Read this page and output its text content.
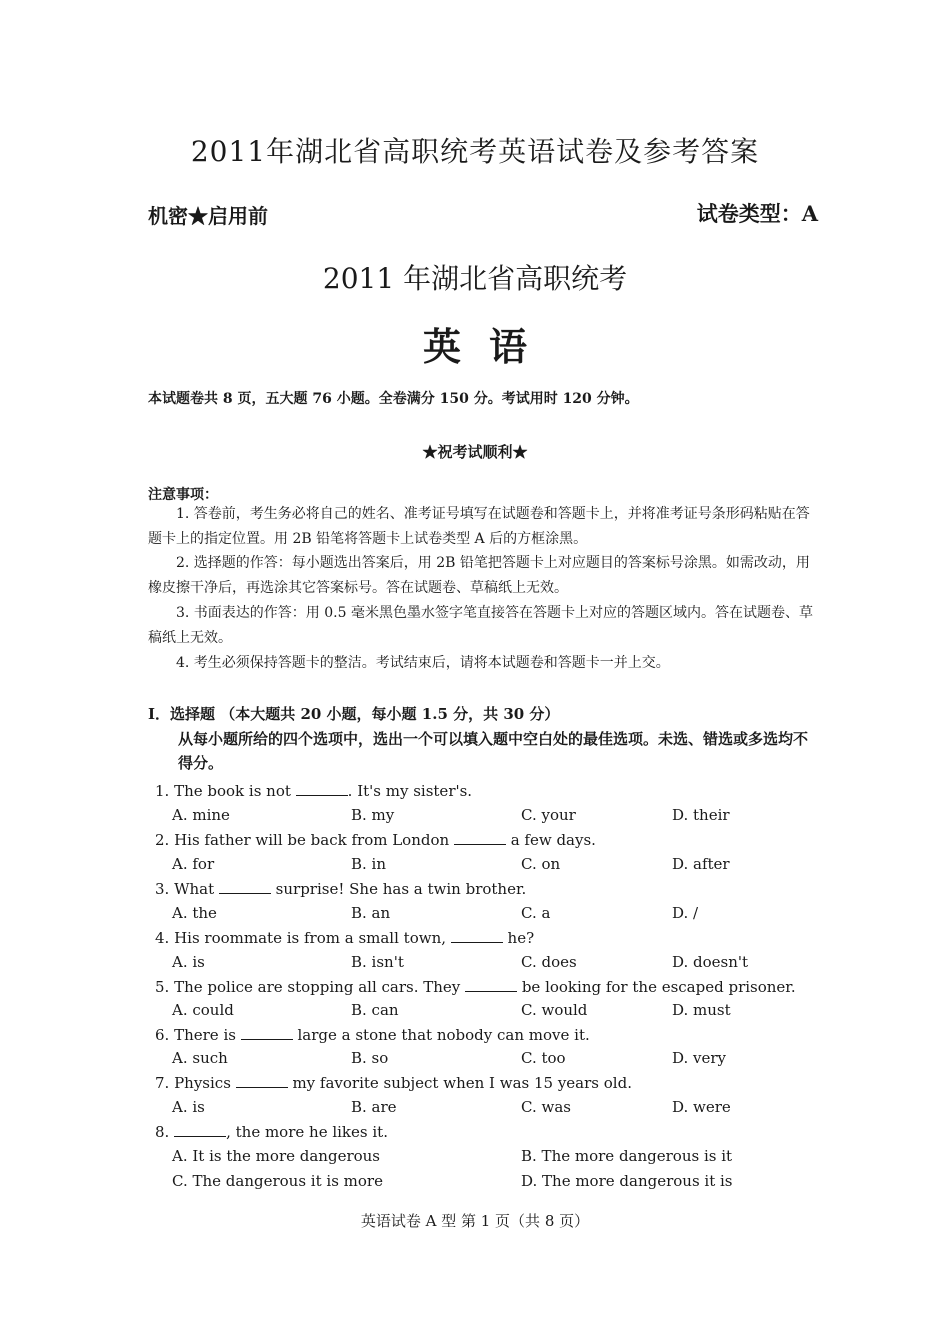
2011年湖北省高职统考英语试卷及参考答案
机密★启用前	试卷类型：A
2011 年湖北省高职统考
英语
本试题卷共 8 页，五大题 76 小题。全卷满分 150 分。考试用时 120 分钟。
★祝考试顺利★
注意事项：

1. 答卷前，考生务必将自己的姓名、准考证号填写在试题卷和答题卡上，并将准考证号条形码粘贴在答题卡上的指定位置。用 2B 铅笔将答题卡上试卷类型 A 后的方框涂黑。

2. 选择题的作答：每小题选出答案后，用 2B 铅笔把答题卡上对应题目的答案标号涂黑。如需改动，用橡皮擦干净后，再选涂其它答案标号。答在试题卷、草稿纸上无效。

3. 书面表达的作答：用 0.5 毫米黑色墨水签字笔直接答在答题卡上对应的答题区域内。答在试题卷、草稿纸上无效。

4. 考生必须保持答题卡的整洁。考试结束后，请将本试题卷和答题卡一并上交。

I．选择题 （本大题共 20 小题，每小题 1.5 分，共 30 分）
从每小题所给的四个选项中，选出一个可以填入题中空白处的最佳选项。未选、错选或多选均不得分。
1. The book is not	. It's my sister's.
A. mine	B. my	C. your	D. their
2. His father will be back from London	a few days.
A. for	B. in	C. on	D. after
3. What	surprise! She has a twin brother.
A. the	B. an	C. a	D. /
4. His roommate is from a small town,	he?
A. is	B. isn't	C. does	D. doesn't
5. The police are stopping all cars. They	be looking for the escaped prisoner.
A. could	B. can	C. would	D. must
6. There is	large a stone that nobody can move it.
A. such	B. so	C. too	D. very
7. Physics	my favorite subject when I was 15 years old.
A. is	B. are	C. was	D. were
8.	, the more he likes it.
A. It is the more dangerous	B. The more dangerous is it
C. The dangerous it is more	D. The more dangerous it is
英语试卷 A 型 第 1 页（共 8 页）
